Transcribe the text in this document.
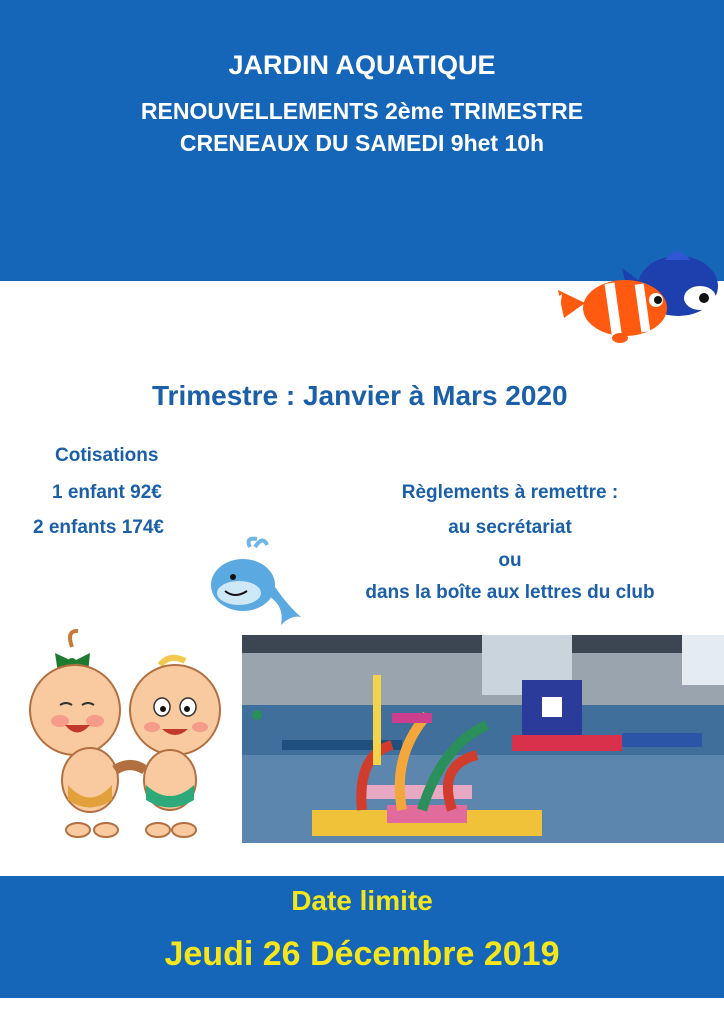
JARDIN AQUATIQUE

RENOUVELLEMENTS 2ème TRIMESTRE

CRENEAUX DU SAMEDI 9het 10h

Trimestre : Janvier à Mars 2020

Cotisations

1 enfant 92€

2 enfants 174€

Règlements à remettre :

au secrétariat

ou

dans la boîte aux lettres du club

Date limite

Jeudi 26 Décembre 2019
